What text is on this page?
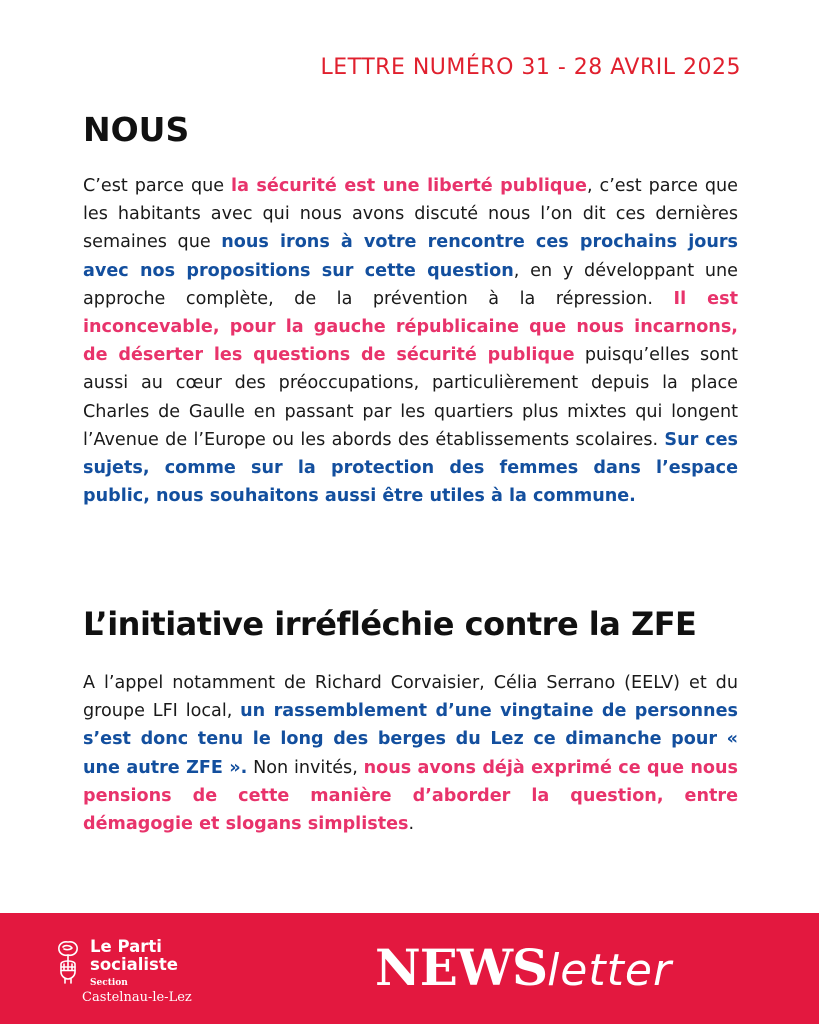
LETTRE NUMÉRO 31 - 28 AVRIL 2025
NOUS

C’est parce que la sécurité est une liberté publique, c’est parce que les habitants avec qui nous avons discuté nous l’on dit ces dernières semaines que nous irons à votre rencontre ces prochains jours avec nos propositions sur cette question, en y développant une approche complète, de la prévention à la répression. Il est inconcevable, pour la gauche républicaine que nous incarnons, de déserter les questions de sécurité publique puisqu’elles sont aussi au cœur des préoccupations, particulièrement depuis la place Charles de Gaulle en passant par les quartiers plus mixtes qui longent l’Avenue de l’Europe ou les abords des établissements scolaires. Sur ces sujets, comme sur la protection des femmes dans l’espace public, nous souhaitons aussi être utiles à la commune.

L’initiative irréfléchie contre la ZFE

A l’appel notamment de Richard Corvaisier, Célia Serrano (EELV) et du groupe LFI local, un rassemblement d’une vingtaine de personnes s’est donc tenu le long des berges du Lez ce dimanche pour « une autre ZFE ». Non invités, nous avons déjà exprimé ce que nous pensions de cette manière d’aborder la question, entre démagogie et slogans simplistes.

Le Parti
socialiste
Section
Castelnau-le-Lez
NEWSletter
